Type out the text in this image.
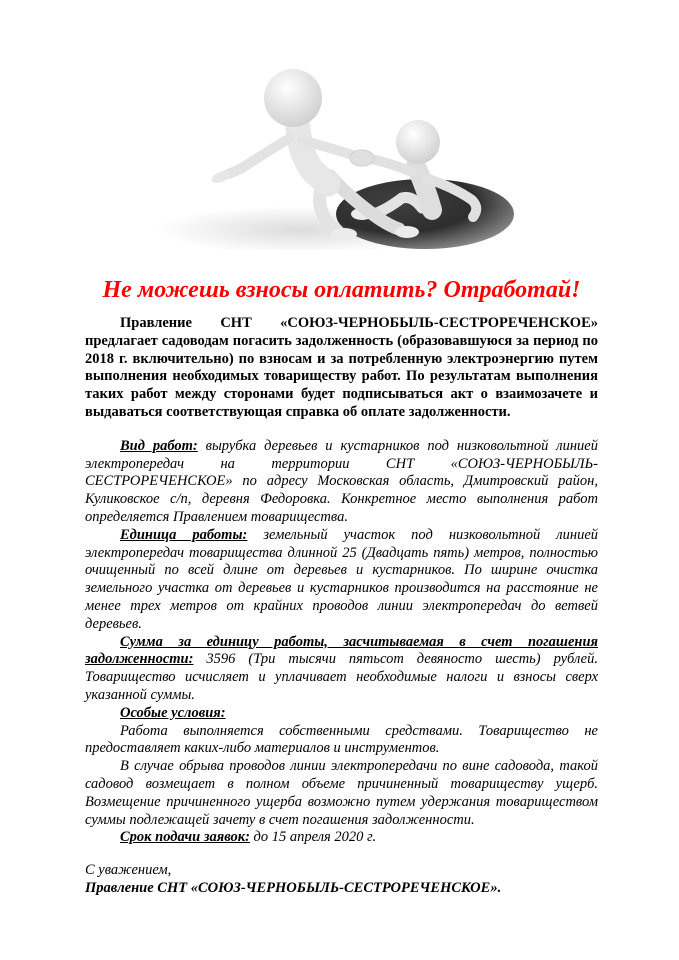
Не можешь взносы оплатить? Отработай!

Правление СНТ «СОЮЗ-ЧЕРНОБЫЛЬ-СЕСТРОРЕЧЕНСКОЕ» предлагает садоводам погасить задолженность (образовавшуюся за период по 2018 г. включительно) по взносам и за потребленную электроэнергию путем выполнения необходимых товариществу работ. По результатам выполнения таких работ между сторонами будет подписываться акт о взаимозачете и выдаваться соответствующая справка об оплате задолженности.

Вид работ: вырубка деревьев и кустарников под низковольтной линией электропередач на территории СНТ «СОЮЗ-ЧЕРНОБЫЛЬ-СЕСТРОРЕЧЕНСКОЕ» по адресу Московская область, Дмитровский район, Куликовское с/п, деревня Федоровка. Конкретное место выполнения работ определяется Правлением товарищества.

Единица работы: земельный участок под низковольтной линией электропередач товарищества длинной 25 (Двадцать пять) метров, полностью очищенный по всей длине от деревьев и кустарников. По ширине очистка земельного участка от деревьев и кустарников производится на расстояние не менее трех метров от крайних проводов линии электропередач до ветвей деревьев.

Сумма за единицу работы, засчитываемая в счет погашения задолженности: 3596 (Три тысячи пятьсот девяносто шесть) рублей. Товарищество исчисляет и уплачивает необходимые налоги и взносы сверх указанной суммы.

Особые условия:

Работа выполняется собственными средствами. Товарищество не предоставляет каких-либо материалов и инструментов.

В случае обрыва проводов линии электропередачи по вине садовода, такой садовод возмещает в полном объеме причиненный товариществу ущерб. Возмещение причиненного ущерба возможно путем удержания товариществом суммы подлежащей зачету в счет погашения задолженности.

Срок подачи заявок: до 15 апреля 2020 г.

С уважением,

Правление СНТ «СОЮЗ-ЧЕРНОБЫЛЬ-СЕСТРОРЕЧЕНСКОЕ».
